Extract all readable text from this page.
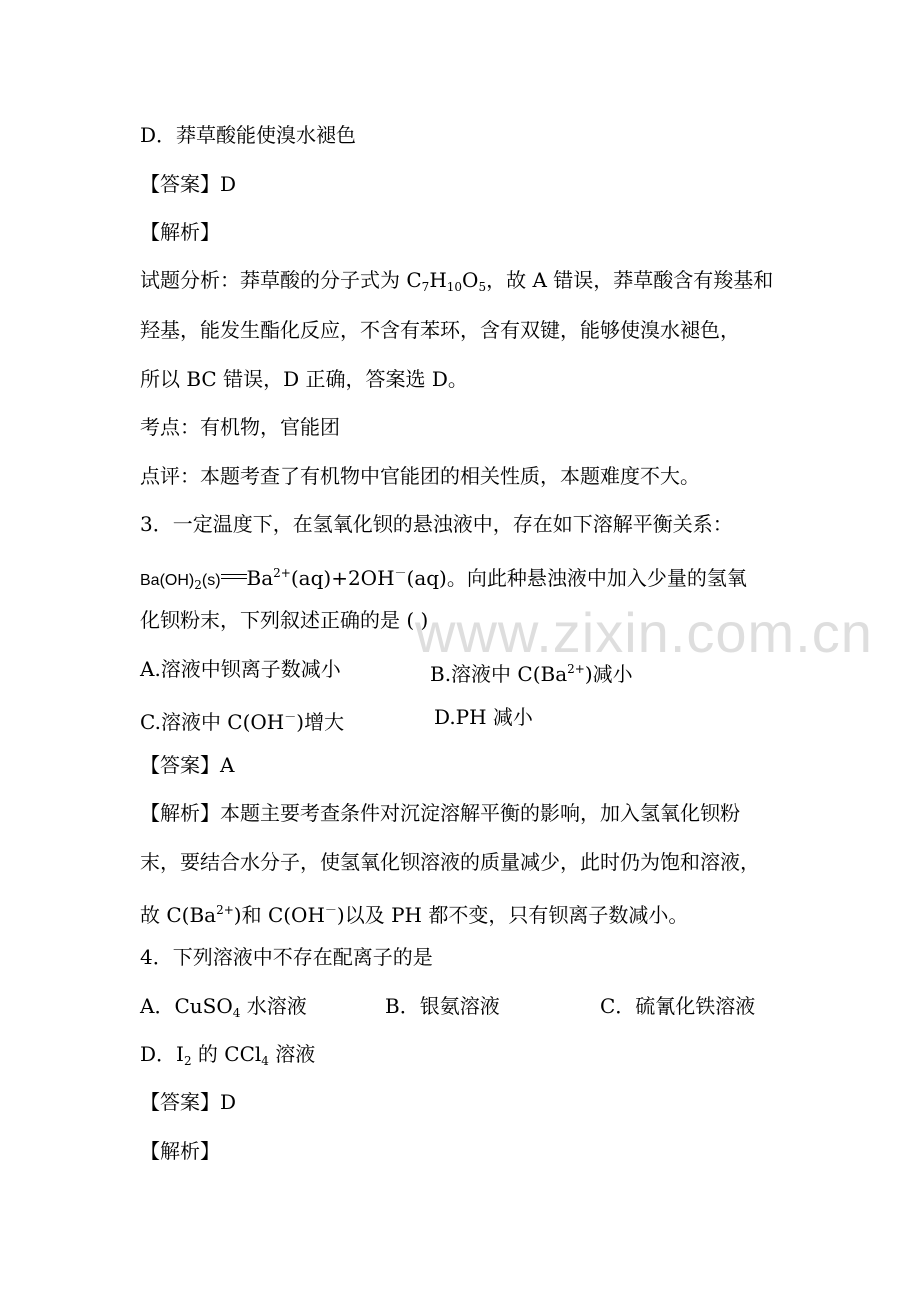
www.zixin.com.cn
D．莽草酸能使溴水褪色
【答案】D
【解析】
试题分析：莽草酸的分子式为 $C_7H_{10}O_5$，故 A 错误，莽草酸含有羧基和
羟基，能发生酯化反应，不含有苯环，含有双键，能够使溴水褪色，
所以 BC 错误，D 正确，答案选 D。
考点：有机物，官能团
点评：本题考查了有机物中官能团的相关性质，本题难度不大。
3．一定温度下，在氢氧化钡的悬浊液中，存在如下溶解平衡关系：
$Ba(OH)_2(s)$ $Ba^{2+}(aq)+2OH^-(aq)$。向此种悬浊液中加入少量的氢氧
化钡粉末，下列叙述正确的是 ( )
A.溶液中钡离子数减小	B.溶液中 $C(Ba^{2+})$减小
C.溶液中 C(OH－)增大	D.PH 减小
【答案】A
【解析】本题主要考查条件对沉淀溶解平衡的影响，加入氢氧化钡粉
末，要结合水分子，使氢氧化钡溶液的质量减少，此时仍为饱和溶液，
故 $C(Ba^{2+})$和 C(OH－)以及 PH 都不变，只有钡离子数减小。
4．下列溶液中不存在配离子的是
A．CuSO$_4$ 水溶液	B．银氨溶液	C．硫氰化铁溶液
D．$I_2$ 的 CCl$_4$ 溶液
【答案】D
【解析】
